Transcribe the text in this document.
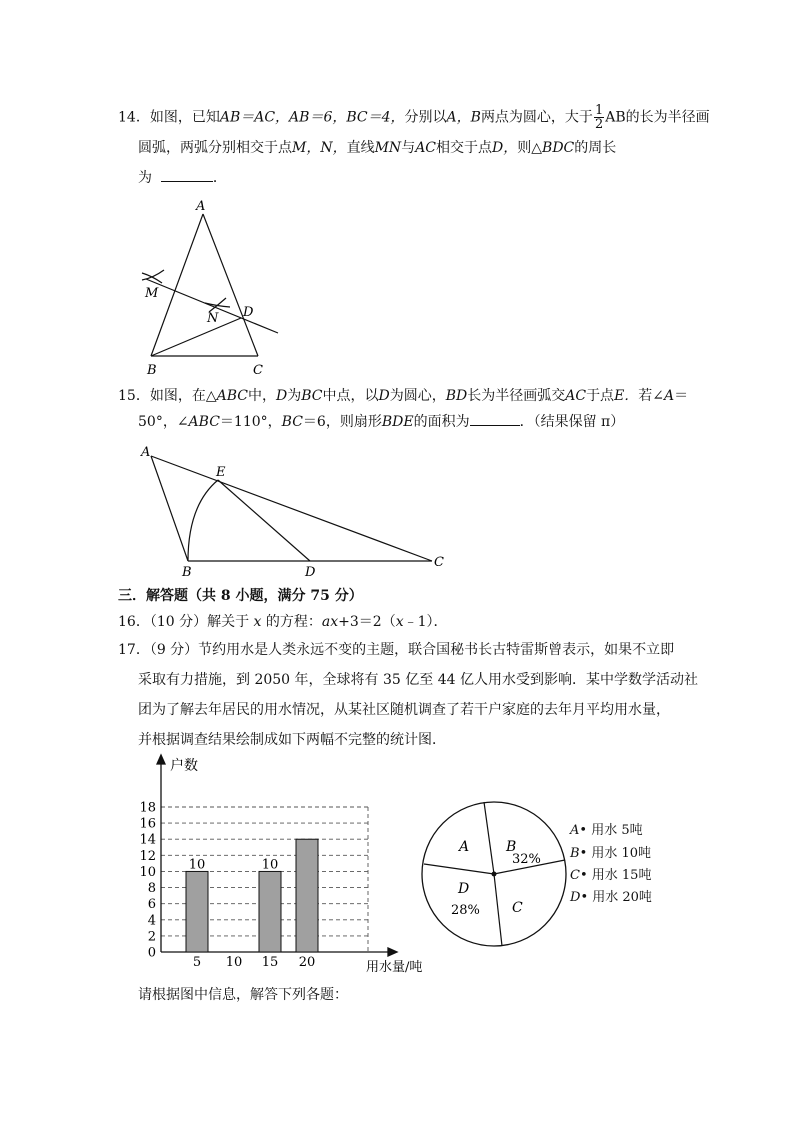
14．如图，已知AB＝AC，AB＝6，BC＝4，分别以A，B两点为圆心，大于 $\frac{1}{2}$ AB的长为半径画
圆弧，两弧分别相交于点M，N，直线MN与AC相交于点D，则△BDC的周长
为	．
A
M
N D
B	C
15．如图，在△ABC中，D为BC中点，以D为圆心，BD长为半径画弧交AC于点E．若∠A＝
50°，∠ABC＝110°，BC＝6，则扇形BDE的面积为	．（结果保留 π）
A
E
B	D
C
三．解答题（共 8 小题，满分 75 分）
16．（10 分）解关于 x 的方程：ax+3＝2（x﹣1）．
17．（9 分）节约用水是人类永远不变的主题，联合国秘书长古特雷斯曾表示，如果不立即
采取有力措施，到 2050 年，全球将有 35 亿至 44 亿人用水受到影响．某中学数学活动社
团为了解去年居民的用水情况，从某社区随机调查了若干户家庭的去年月平均用水量，
并根据调查结果绘制成如下两幅不完整的统计图．
0
2
4
6
8
10
12
14
16
18
10	10
5 10 15 20
户数
用水量/吨
A	B
32%
C
D
28%
A• 用水 5吨
B• 用水 10吨
C• 用水 15吨
D• 用水 20吨
请根据图中信息，解答下列各题：
